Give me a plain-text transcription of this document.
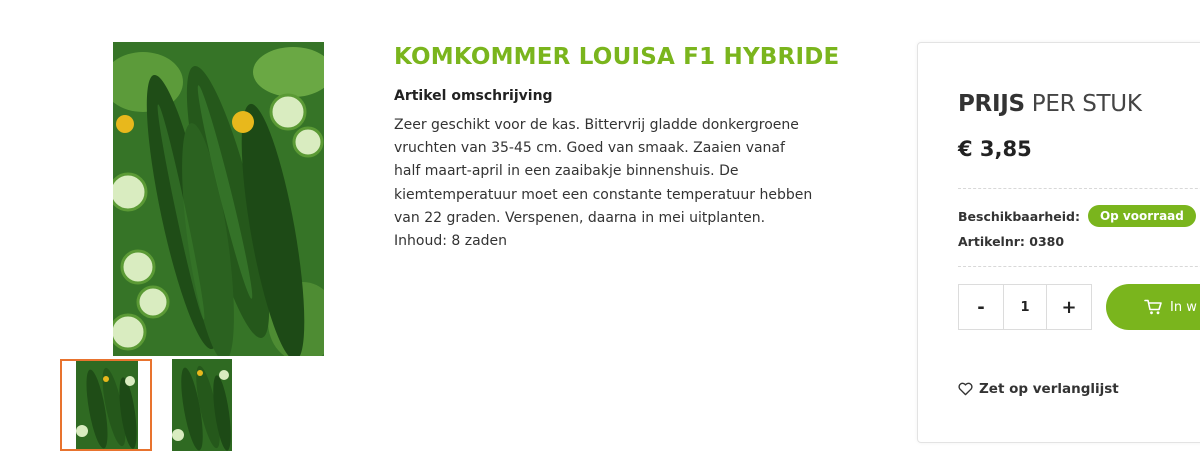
KOMKOMMER LOUISA F1 HYBRIDE
Artikel omschrijving

Zeer geschikt voor de kas. Bittervrij gladde donkergroene vruchten van 35-45 cm. Goed van smaak. Zaaien vanaf half maart-april in een zaaibakje binnenshuis. De kiemtemperatuur moet een constante temperatuur hebben van 22 graden. Verspenen, daarna in mei uitplanten. Inhoud: 8 zaden

PRIJS PER STUK
€ 3,85
Beschikbaarheid:	Op voorraad
Artikelnr: 0380
-
1	+	In w
Zet op verlanglijst
